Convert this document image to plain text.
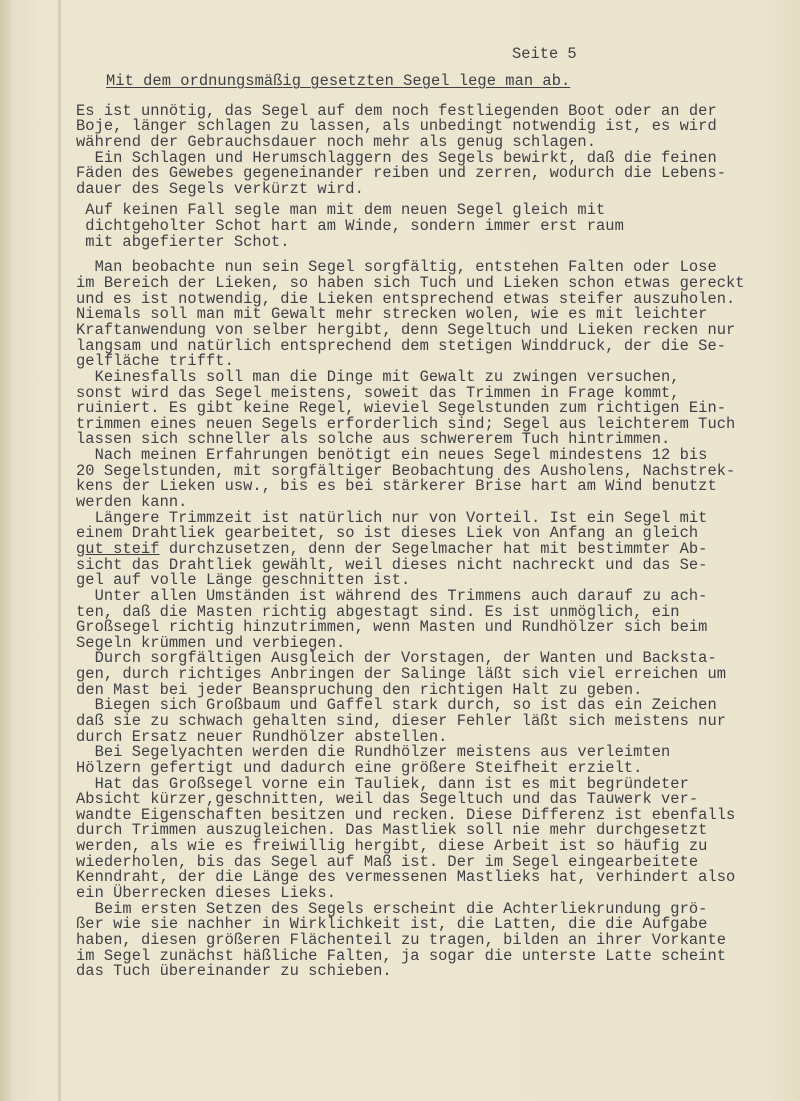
Seite 5
Mit dem ordnungsmäßig gesetzten Segel lege man ab.
Es ist unnötig, das Segel auf dem noch festliegenden Boot oder an der
Boje, länger schlagen zu lassen, als unbedingt notwendig ist, es wird
während der Gebrauchsdauer noch mehr als genug schlagen.
Ein Schlagen und Herumschlaggern des Segels bewirkt, daß die feinen
Fäden des Gewebes gegeneinander reiben und zerren, wodurch die Lebens-
dauer des Segels verkürzt wird.
Auf keinen Fall segle man mit dem neuen Segel gleich mit
dichtgeholter Schot hart am Winde, sondern immer erst raum
mit abgefierter Schot.
Man beobachte nun sein Segel sorgfältig, entstehen Falten oder Lose
im Bereich der Lieken, so haben sich Tuch und Lieken schon etwas gereckt
und es ist notwendig, die Lieken entsprechend etwas steifer auszuholen.
Niemals soll man mit Gewalt mehr strecken wolen, wie es mit leichter
Kraftanwendung von selber hergibt, denn Segeltuch und Lieken recken nur
langsam und natürlich entsprechend dem stetigen Winddruck, der die Se-
gelfläche trifft.
Keinesfalls soll man die Dinge mit Gewalt zu zwingen versuchen,
sonst wird das Segel meistens, soweit das Trimmen in Frage kommt,
ruiniert. Es gibt keine Regel, wieviel Segelstunden zum richtigen Ein-
trimmen eines neuen Segels erforderlich sind; Segel aus leichterem Tuch
lassen sich schneller als solche aus schwererem Tuch hintrimmen.
Nach meinen Erfahrungen benötigt ein neues Segel mindestens 12 bis
20 Segelstunden, mit sorgfältiger Beobachtung des Ausholens, Nachstrek-
kens der Lieken usw., bis es bei stärkerer Brise hart am Wind benutzt
werden kann.
Längere Trimmzeit ist natürlich nur von Vorteil. Ist ein Segel mit
einem Drahtliek gearbeitet, so ist dieses Liek von Anfang an gleich
gut steif durchzusetzen, denn der Segelmacher hat mit bestimmter Ab-
sicht das Drahtliek gewählt, weil dieses nicht nachreckt und das Se-
gel auf volle Länge geschnitten ist.
Unter allen Umständen ist während des Trimmens auch darauf zu ach-
ten, daß die Masten richtig abgestagt sind. Es ist unmöglich, ein
Großsegel richtig hinzutrimmen, wenn Masten und Rundhölzer sich beim
Segeln krümmen und verbiegen.
Durch sorgfältigen Ausgleich der Vorstagen, der Wanten und Backsta-
gen, durch richtiges Anbringen der Salinge läßt sich viel erreichen um
den Mast bei jeder Beanspruchung den richtigen Halt zu geben.
Biegen sich Großbaum und Gaffel stark durch, so ist das ein Zeichen
daß sie zu schwach gehalten sind, dieser Fehler läßt sich meistens nur
durch Ersatz neuer Rundhölzer abstellen.
Bei Segelyachten werden die Rundhölzer meistens aus verleimten
Hölzern gefertigt und dadurch eine größere Steifheit erzielt.
Hat das Großsegel vorne ein Tauliek, dann ist es mit begründeter
Absicht kürzer,geschnitten, weil das Segeltuch und das Tauwerk ver-
wandte Eigenschaften besitzen und recken. Diese Differenz ist ebenfalls
durch Trimmen auszugleichen. Das Mastliek soll nie mehr durchgesetzt
werden, als wie es freiwillig hergibt, diese Arbeit ist so häufig zu
wiederholen, bis das Segel auf Maß ist. Der im Segel eingearbeitete
Kenndraht, der die Länge des vermessenen Mastlieks hat, verhindert also
ein Überrecken dieses Lieks.
Beim ersten Setzen des Segels erscheint die Achterliekrundung grö-
ßer wie sie nachher in Wirklichkeit ist, die Latten, die die Aufgabe
haben, diesen größeren Flächenteil zu tragen, bilden an ihrer Vorkante
im Segel zunächst häßliche Falten, ja sogar die unterste Latte scheint
das Tuch übereinander zu schieben.
